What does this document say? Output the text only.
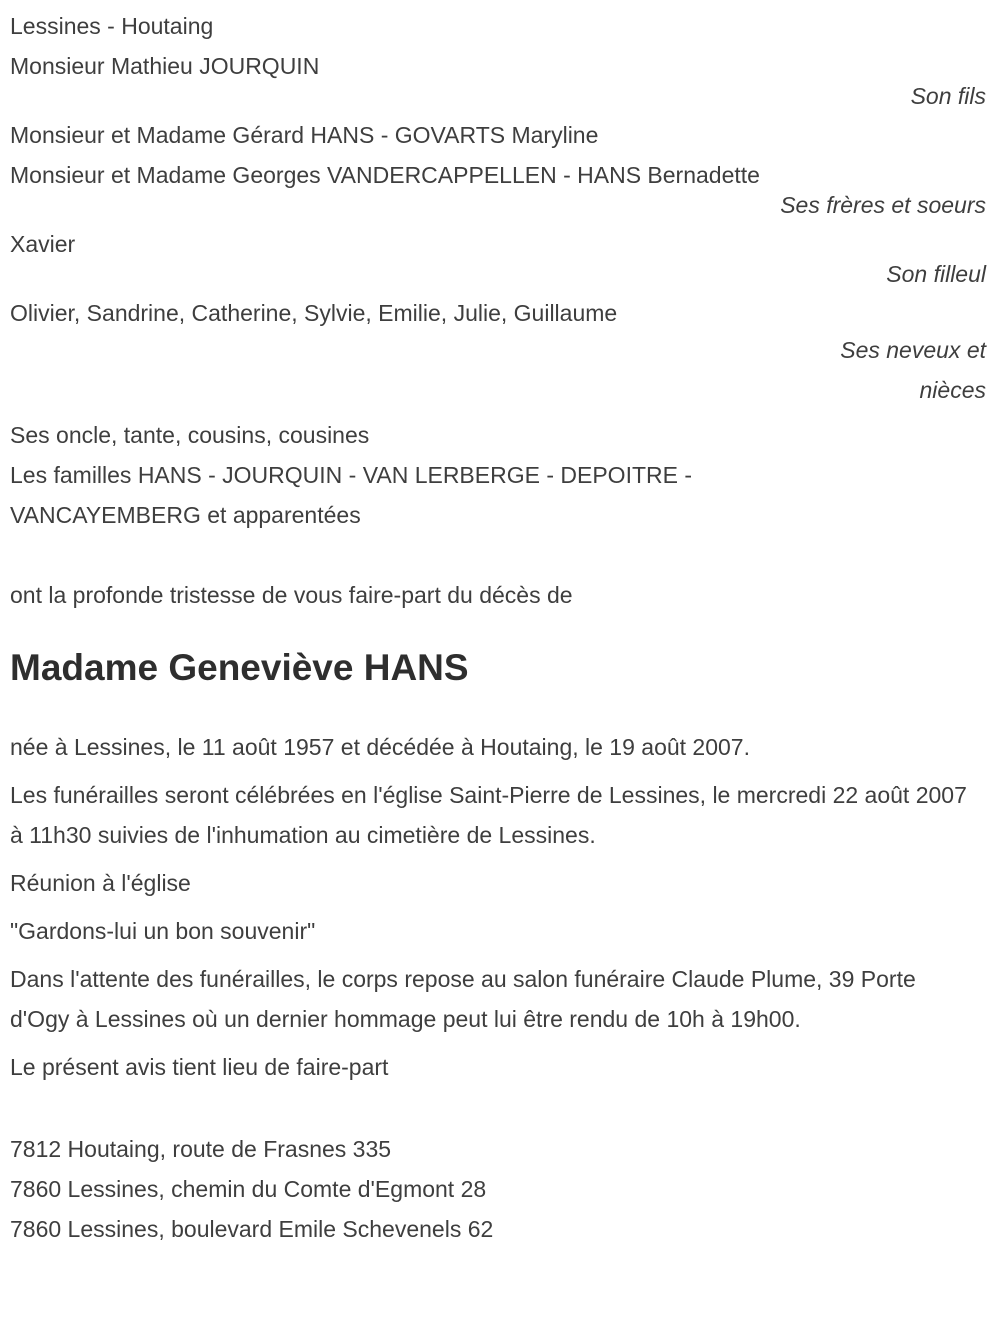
Lessines - Houtaing
Monsieur Mathieu JOURQUIN
Son fils
Monsieur et Madame Gérard HANS - GOVARTS Maryline
Monsieur et Madame Georges VANDERCAPPELLEN - HANS Bernadette
Ses frères et soeurs
Xavier
Son filleul
Olivier, Sandrine, Catherine, Sylvie, Emilie, Julie, Guillaume
Ses neveux et nièces
Ses oncle, tante, cousins, cousines

Les familles HANS - JOURQUIN - VAN LERBERGE - DEPOITRE - VANCAYEMBERG et apparentées

ont la profonde tristesse de vous faire-part du décès de

Madame Geneviève HANS

née à Lessines, le 11 août 1957 et décédée à Houtaing, le 19 août 2007.

Les funérailles seront célébrées en l'église Saint-Pierre de Lessines, le mercredi 22 août 2007 à 11h30 suivies de l'inhumation au cimetière de Lessines.

Réunion à l'église

"Gardons-lui un bon souvenir"

Dans l'attente des funérailles, le corps repose au salon funéraire Claude Plume, 39 Porte d'Ogy à Lessines où un dernier hommage peut lui être rendu de 10h à 19h00.

Le présent avis tient lieu de faire-part

7812 Houtaing, route de Frasnes 335
7860 Lessines, chemin du Comte d'Egmont 28
7860 Lessines, boulevard Emile Schevenels 62
